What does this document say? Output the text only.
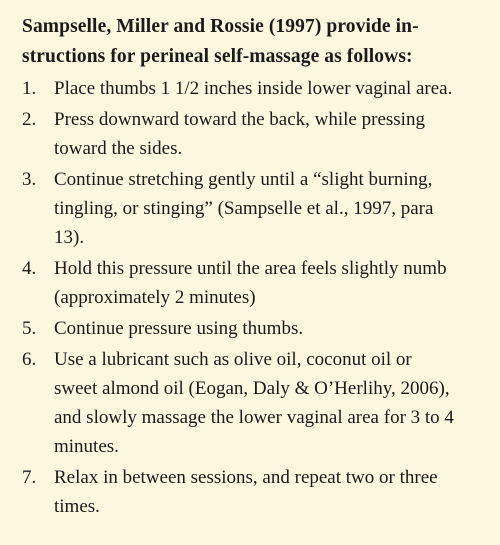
Sampselle, Miller and Rossie (1997) provide in-
structions for perineal self-massage as follows:
1. Place thumbs 1 1/2 inches inside lower vaginal area.
2. Press downward toward the back, while pressing
toward the sides.
3. Continue stretching gently until a “slight burning,
tingling, or stinging” (Sampselle et al., 1997, para
13).
4. Hold this pressure until the area feels slightly numb
(approximately 2 minutes)
5. Continue pressure using thumbs.
6. Use a lubricant such as olive oil, coconut oil or
sweet almond oil (Eogan, Daly & O’Herlihy, 2006),
and slowly massage the lower vaginal area for 3 to 4
minutes.
7. Relax in between sessions, and repeat two or three
times.
